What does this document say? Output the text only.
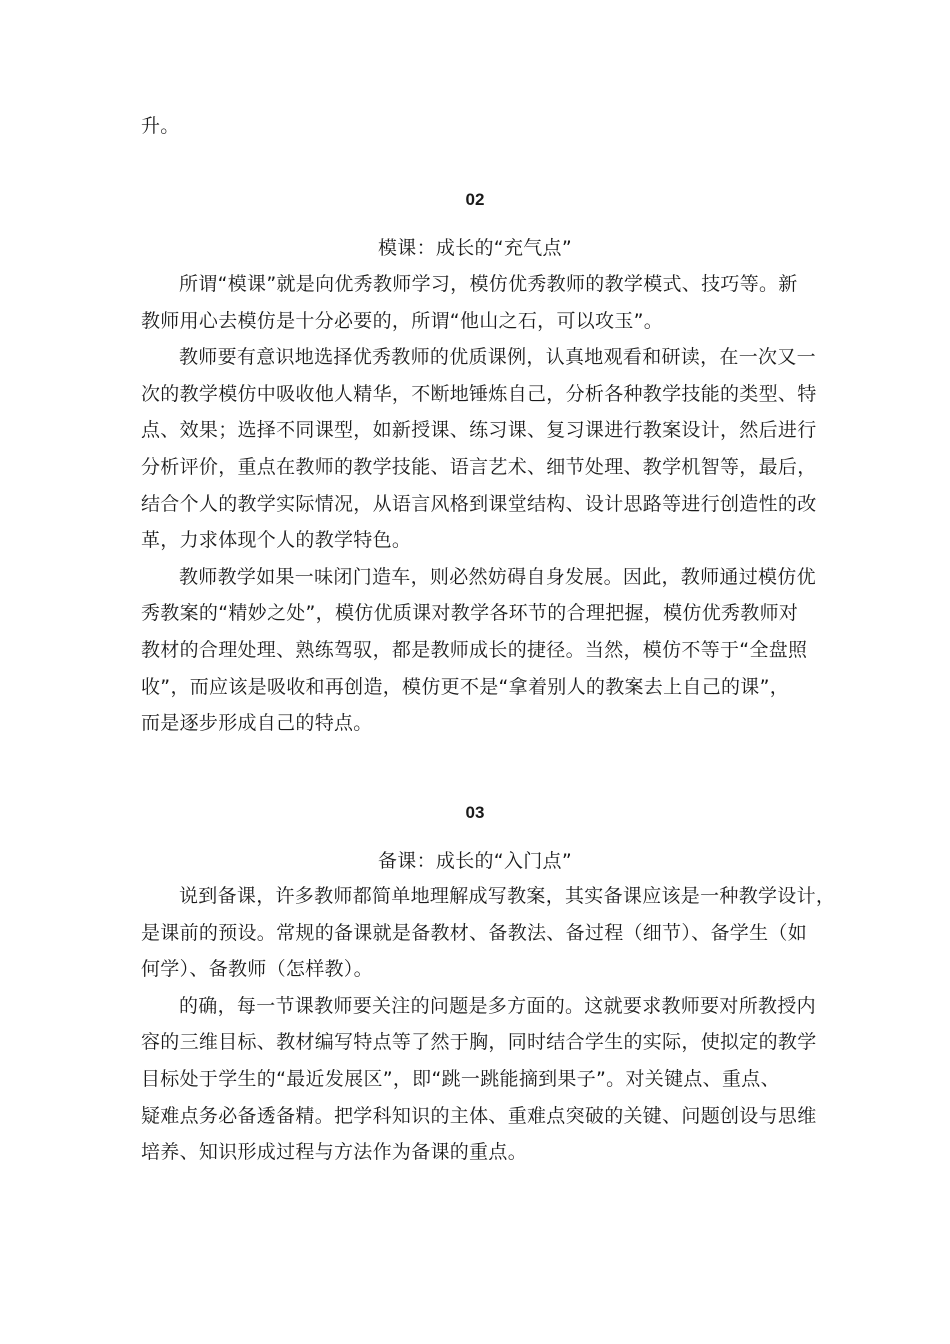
升。
02
模课：成长的“充气点”
所谓“模课”就是向优秀教师学习，模仿优秀教师的教学模式、技巧等。新
教师用心去模仿是十分必要的，所谓“他山之石，可以攻玉”。
教师要有意识地选择优秀教师的优质课例，认真地观看和研读，在一次又一
次的教学模仿中吸收他人精华，不断地锤炼自己，分析各种教学技能的类型、特
点、效果；选择不同课型，如新授课、练习课、复习课进行教案设计，然后进行
分析评价，重点在教师的教学技能、语言艺术、细节处理、教学机智等，最后，
结合个人的教学实际情况，从语言风格到课堂结构、设计思路等进行创造性的改
革，力求体现个人的教学特色。
教师教学如果一味闭门造车，则必然妨碍自身发展。因此，教师通过模仿优
秀教案的“精妙之处”，模仿优质课对教学各环节的合理把握，模仿优秀教师对
教材的合理处理、熟练驾驭，都是教师成长的捷径。当然，模仿不等于“全盘照
收”，而应该是吸收和再创造，模仿更不是“拿着别人的教案去上自己的课”，
而是逐步形成自己的特点。
03
备课：成长的“入门点”
说到备课，许多教师都简单地理解成写教案，其实备课应该是一种教学设计，
是课前的预设。常规的备课就是备教材、备教法、备过程（细节）、备学生（如
何学）、备教师（怎样教）。
的确，每一节课教师要关注的问题是多方面的。这就要求教师要对所教授内
容的三维目标、教材编写特点等了然于胸，同时结合学生的实际，使拟定的教学
目标处于学生的“最近发展区”，即“跳一跳能摘到果子”。对关键点、重点、
疑难点务必备透备精。把学科知识的主体、重难点突破的关键、问题创设与思维
培养、知识形成过程与方法作为备课的重点。
